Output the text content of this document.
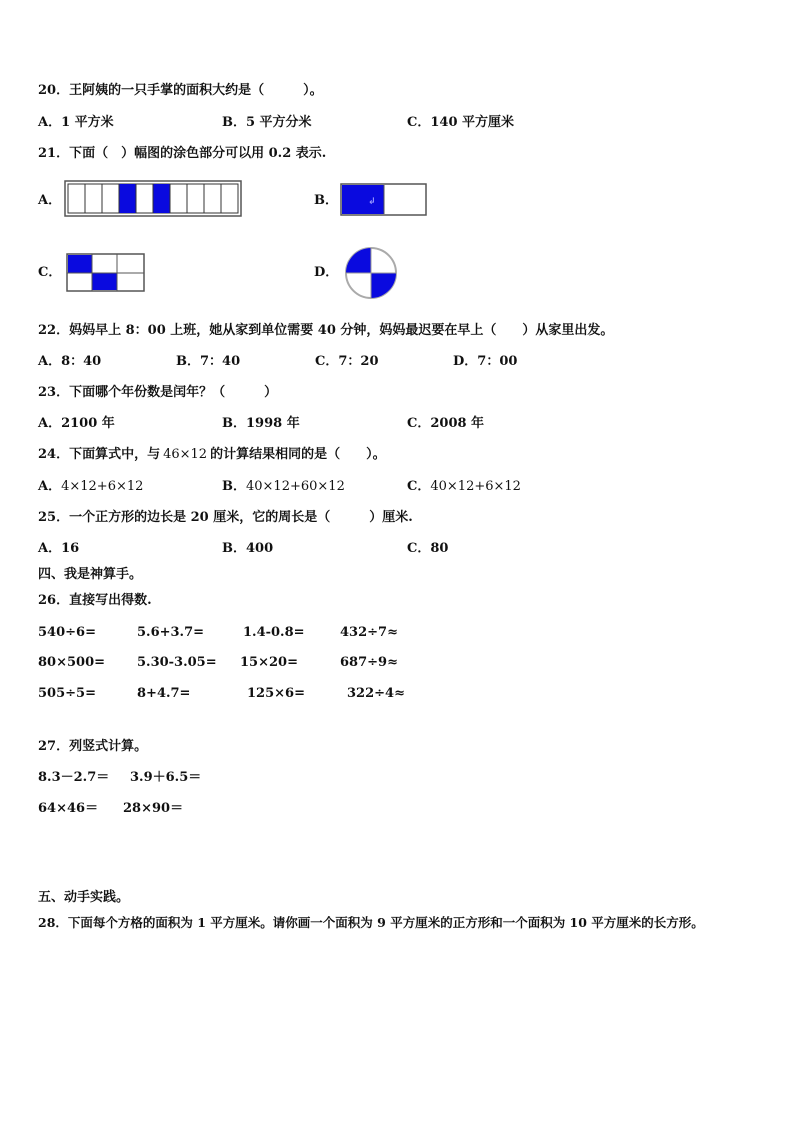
20．王阿姨的一只手掌的面积大约是（　　　）。
A．1 平方米	B．5 平方分米	C．140 平方厘米
21．下面（　）幅图的涂色部分可以用 0.2 表示.
A．	B．	↲
C．	D．
22．妈妈早上 8：00 上班，她从家到单位需要 40 分钟，妈妈最迟要在早上（　　）从家里出发。
A．8：40	B．7：40	C．7：20	D．7：00
23．下面哪个年份数是闰年？（　　　）
A．2100 年	B．1998 年	C．2008 年
24．下面算式中，与 46×12 的计算结果相同的是（　　）。
A．4×12+6×12	B．40×12+60×12	C．40×12+6×12
25．一个正方形的边长是 20 厘米，它的周长是（　　　）厘米.
A．16	B．400	C．80
四、我是神算手。
26．直接写出得数.
540÷6=	5.6+3.7=	1.4-0.8=	432÷7≈
80×500= 5.30-3.05= 15×20=	687÷9≈
505÷5=	8+4.7=	125×6=	322÷4≈
27．列竖式计算。
8.3－2.7＝ 3.9＋6.5＝
64×46＝ 28×90＝
五、动手实践。
28．下面每个方格的面积为 1 平方厘米。请你画一个面积为 9 平方厘米的正方形和一个面积为 10 平方厘米的长方形。
